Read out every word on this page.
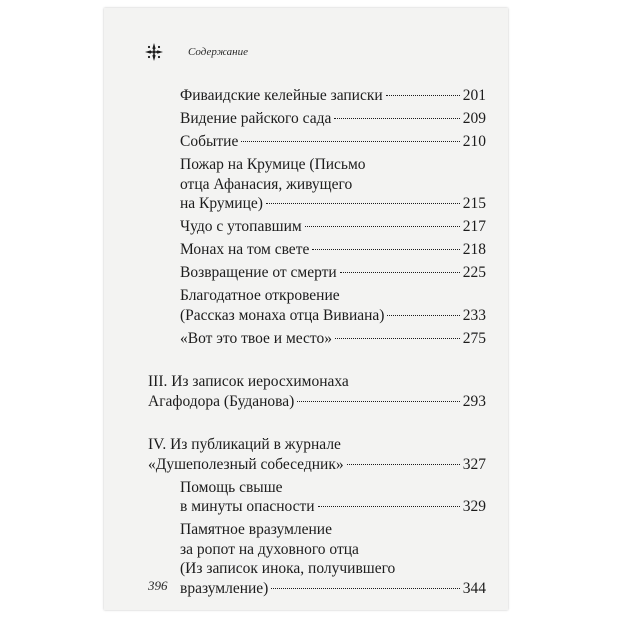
Содержание
Фиваидские келейные записки	201
Видение райского сада	209
Событие	210
Пожар на Крумице (Письмо
отца Афанасия, живущего
на Крумице)	215
Чудо с утопавшим	217
Монах на том свете	218
Возвращение от смерти	225
Благодатное откровение
(Рассказ монаха отца Вивиана)	233
«Вот это твое и место»	275
III. Из записок иеросхимонаха
Агафодора (Буданова)	293
IV. Из публикаций в журнале
«Душеполезный собеседник»	327
Помощь свыше
в минуты опасности	329
Памятное вразумление
за ропот на духовного отца
(Из записок инока, получившего
вразумление)	344
396
